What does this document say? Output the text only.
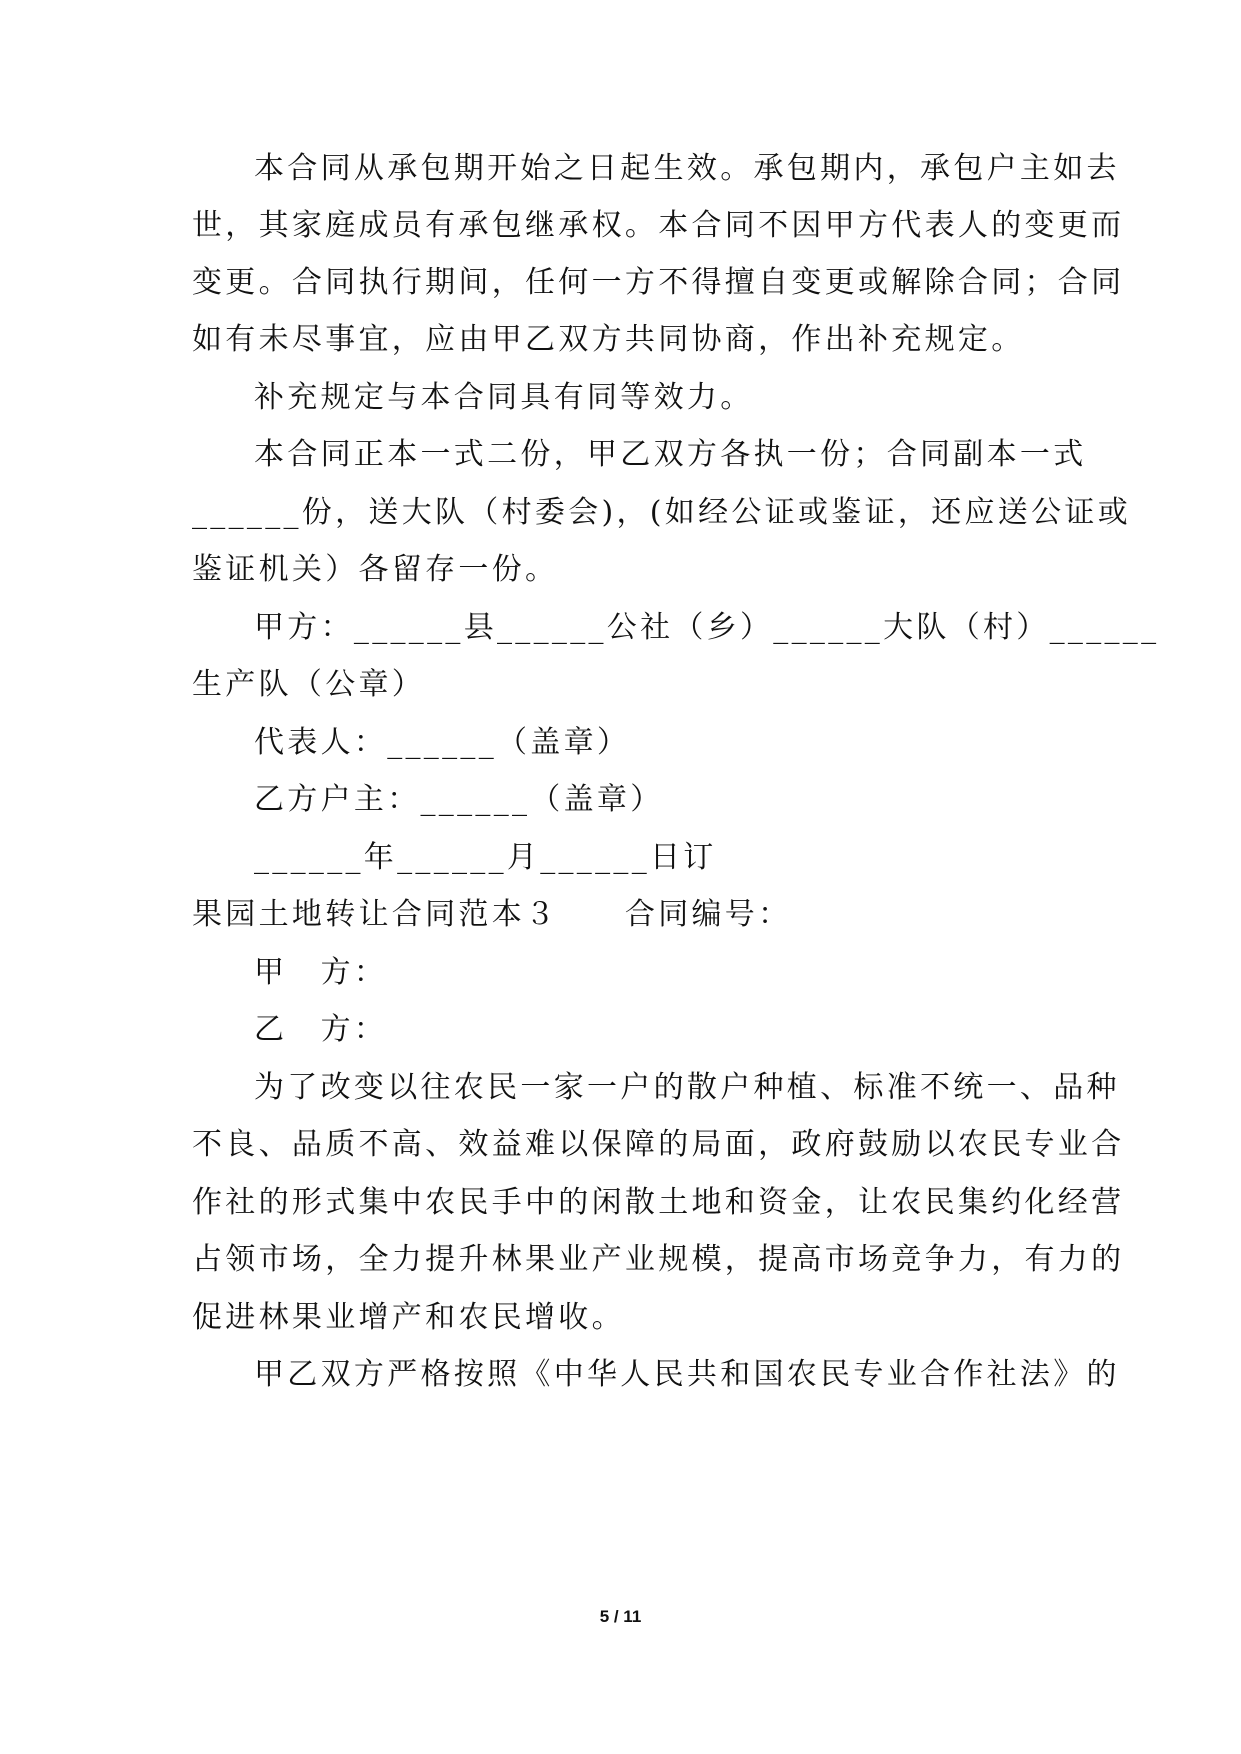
本合同从承包期开始之日起生效。承包期内，承包户主如去
世，其家庭成员有承包继承权。本合同不因甲方代表人的变更而
变更。合同执行期间，任何一方不得擅自变更或解除合同；合同
如有未尽事宜，应由甲乙双方共同协商，作出补充规定。
补充规定与本合同具有同等效力。
本合同正本一式二份，甲乙双方各执一份；合同副本一式
______份，送大队（村委会)，(如经公证或鉴证，还应送公证或
鉴证机关）各留存一份。
甲方：______县______公社（乡）______大队（村）______
生产队（公章）
代表人：______（盖章）
乙方户主：______（盖章）
______年______月______日订
果园土地转让合同范本３　　合同编号：
甲　方：
乙　方：
为了改变以往农民一家一户的散户种植、标准不统一、品种
不良、品质不高、效益难以保障的局面，政府鼓励以农民专业合
作社的形式集中农民手中的闲散土地和资金，让农民集约化经营
占领市场，全力提升林果业产业规模，提高市场竞争力，有力的
促进林果业增产和农民增收。
甲乙双方严格按照《中华人民共和国农民专业合作社法》的
5 / 11
